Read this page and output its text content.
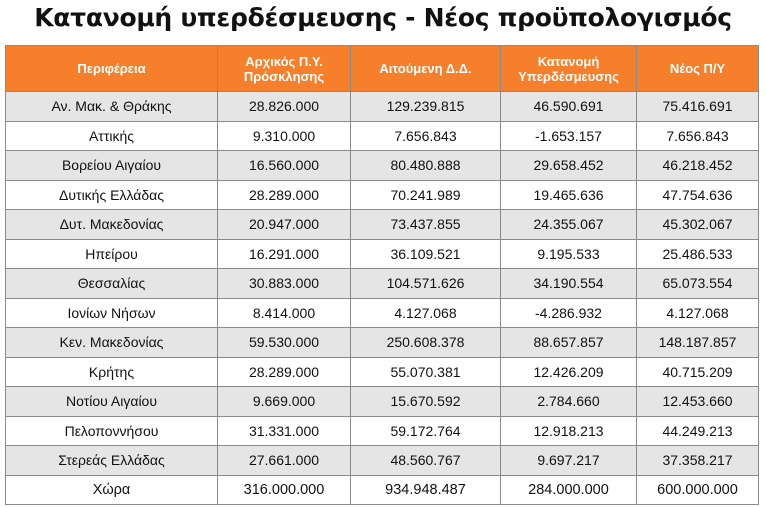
Κατανομή υπερδέσμευσης - Νέος προϋπολογισμός
Περιφέρεια	Αρχικός Π.Υ. Πρόσκλησης	Αιτούμενη Δ.Δ.	Κατανομή Υπερδέσμευσης	Νέος Π/Υ

Αν. Μακ. & Θράκης	28.826.000	129.239.815	46.590.691	75.416.691
Αττικής	9.310.000	7.656.843	-1.653.157	7.656.843
Βορείου Αιγαίου	16.560.000	80.480.888	29.658.452	46.218.452
Δυτικής Ελλάδας	28.289.000	70.241.989	19.465.636	47.754.636
Δυτ. Μακεδονίας	20.947.000	73.437.855	24.355.067	45.302.067
Ηπείρου	16.291.000	36.109.521	9.195.533	25.486.533
Θεσσαλίας	30.883.000	104.571.626	34.190.554	65.073.554
Ιονίων Νήσων	8.414.000	4.127.068	-4.286.932	4.127.068
Κεν. Μακεδονίας	59.530.000	250.608.378	88.657.857	148.187.857
Κρήτης	28.289.000	55.070.381	12.426.209	40.715.209
Νοτίου Αιγαίου	9.669.000	15.670.592	2.784.660	12.453.660
Πελοποννήσου	31.331.000	59.172.764	12.918.213	44.249.213
Στερεάς Ελλάδας	27.661.000	48.560.767	9.697.217	37.358.217
Χώρα	316.000.000	934.948.487	284.000.000	600.000.000
